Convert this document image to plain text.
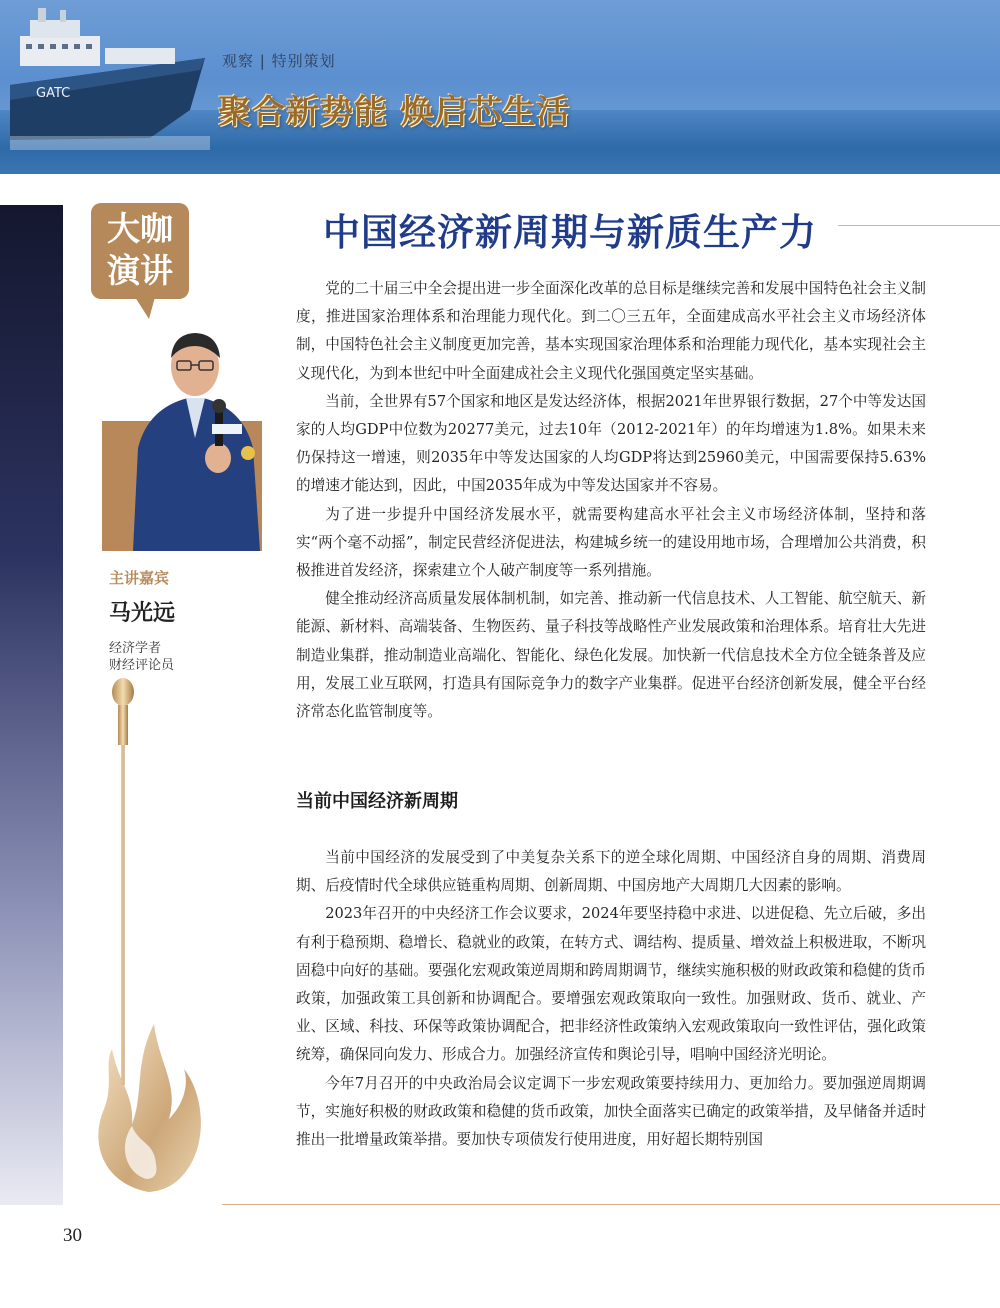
GATC
观察 | 特别策划
聚合新势能 焕启芯生活
大咖
演讲
主讲嘉宾
马光远
经济学者
财经评论员
中国经济新周期与新质生产力

党的二十届三中全会提出进一步全面深化改革的总目标是继续完善和发展中国特色社会主义制度，推进国家治理体系和治理能力现代化。到二〇三五年，全面建成高水平社会主义市场经济体制，中国特色社会主义制度更加完善，基本实现国家治理体系和治理能力现代化，基本实现社会主义现代化，为到本世纪中叶全面建成社会主义现代化强国奠定坚实基础。

当前，全世界有57个国家和地区是发达经济体，根据2021年世界银行数据，27个中等发达国家的人均GDP中位数为20277美元，过去10年（2012-2021年）的年均增速为1.8%。如果未来仍保持这一增速，则2035年中等发达国家的人均GDP将达到25960美元，中国需要保持5.63%的增速才能达到，因此，中国2035年成为中等发达国家并不容易。

为了进一步提升中国经济发展水平，就需要构建高水平社会主义市场经济体制，坚持和落实“两个毫不动摇”，制定民营经济促进法，构建城乡统一的建设用地市场，合理增加公共消费，积极推进首发经济，探索建立个人破产制度等一系列措施。

健全推动经济高质量发展体制机制，如完善、推动新一代信息技术、人工智能、航空航天、新能源、新材料、高端装备、生物医药、量子科技等战略性产业发展政策和治理体系。培育壮大先进制造业集群，推动制造业高端化、智能化、绿色化发展。加快新一代信息技术全方位全链条普及应用，发展工业互联网，打造具有国际竞争力的数字产业集群。促进平台经济创新发展，健全平台经济常态化监管制度等。

当前中国经济新周期

当前中国经济的发展受到了中美复杂关系下的逆全球化周期、中国经济自身的周期、消费周期、后疫情时代全球供应链重构周期、创新周期、中国房地产大周期几大因素的影响。

2023年召开的中央经济工作会议要求，2024年要坚持稳中求进、以进促稳、先立后破，多出有利于稳预期、稳增长、稳就业的政策，在转方式、调结构、提质量、增效益上积极进取，不断巩固稳中向好的基础。要强化宏观政策逆周期和跨周期调节，继续实施积极的财政政策和稳健的货币政策，加强政策工具创新和协调配合。要增强宏观政策取向一致性。加强财政、货币、就业、产业、区域、科技、环保等政策协调配合，把非经济性政策纳入宏观政策取向一致性评估，强化政策统筹，确保同向发力、形成合力。加强经济宣传和舆论引导，唱响中国经济光明论。

今年7月召开的中央政治局会议定调下一步宏观政策要持续用力、更加给力。要加强逆周期调节，实施好积极的财政政策和稳健的货币政策，加快全面落实已确定的政策举措，及早储备并适时推出一批增量政策举措。要加快专项债发行使用进度，用好超长期特别国

30
